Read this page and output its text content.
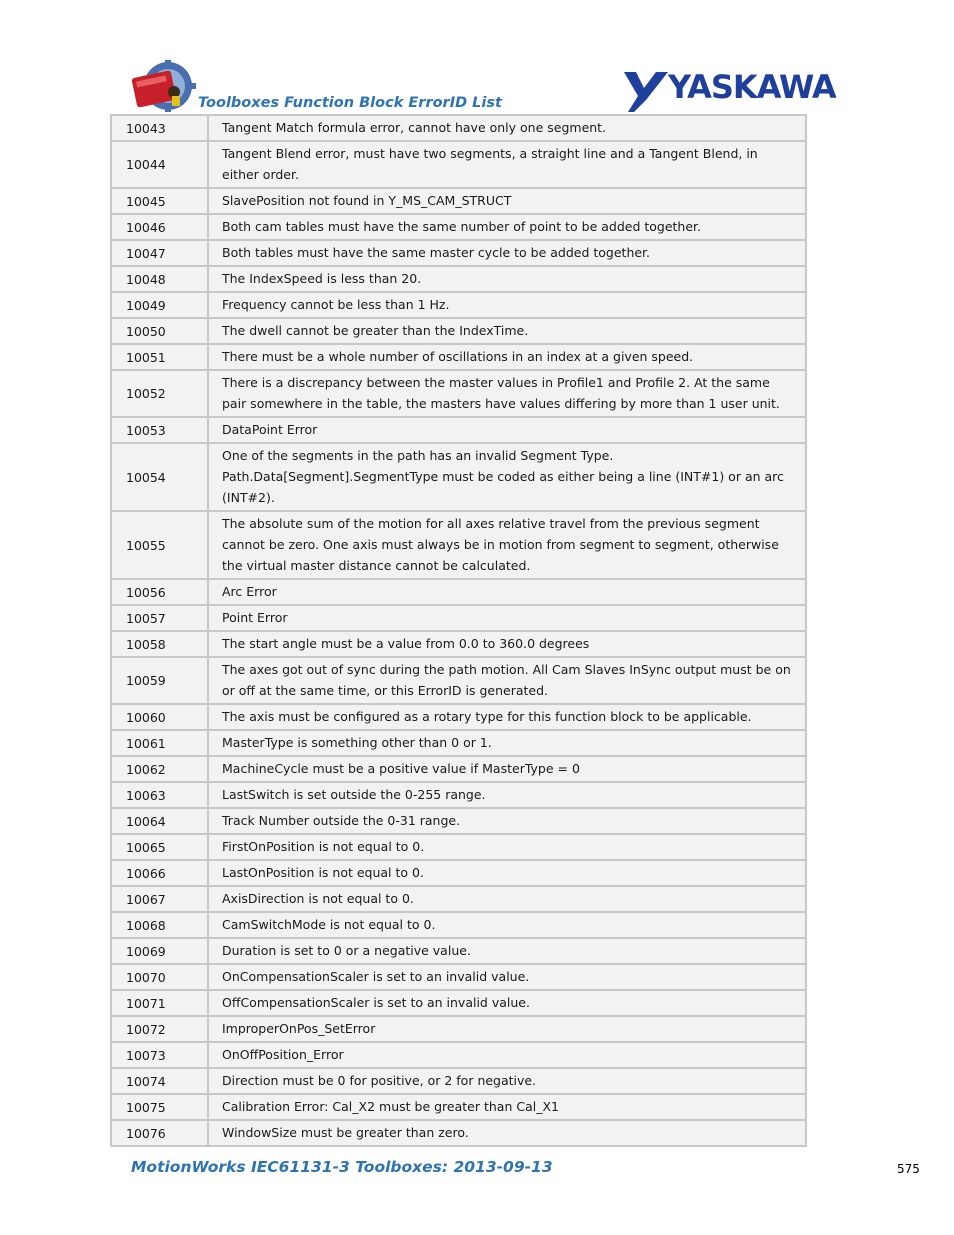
Toolboxes Function Block ErrorID List	YASKAWA
10043	Tangent Match formula error, cannot have only one segment.
10044	Tangent Blend error, must have two segments, a straight line and a Tangent Blend, in either order.
10045	SlavePosition not found in Y_MS_CAM_STRUCT
10046	Both cam tables must have the same number of point to be added together.
10047	Both tables must have the same master cycle to be added together.
10048	The IndexSpeed is less than 20.
10049	Frequency cannot be less than 1 Hz.
10050	The dwell cannot be greater than the IndexTime.
10051	There must be a whole number of oscillations in an index at a given speed.
10052	There is a discrepancy between the master values in Profile1 and Profile 2. At the same pair somewhere in the table, the masters have values differing by more than 1 user unit.
10053	DataPoint Error
10054	One of the segments in the path has an invalid Segment Type. Path.Data[Segment].SegmentType must be coded as either being a line (INT#1) or an arc (INT#2).
10055	The absolute sum of the motion for all axes relative travel from the previous segment cannot be zero. One axis must always be in motion from segment to segment, otherwise the virtual master distance cannot be calculated.
10056	Arc Error
10057	Point Error
10058	The start angle must be a value from 0.0 to 360.0 degrees
10059	The axes got out of sync during the path motion. All Cam Slaves InSync output must be on or off at the same time, or this ErrorID is generated.
10060	The axis must be configured as a rotary type for this function block to be applicable.
10061	MasterType is something other than 0 or 1.
10062	MachineCycle must be a positive value if MasterType = 0
10063	LastSwitch is set outside the 0-255 range.
10064	Track Number outside the 0-31 range.
10065	FirstOnPosition is not equal to 0.
10066	LastOnPosition is not equal to 0.
10067	AxisDirection is not equal to 0.
10068	CamSwitchMode is not equal to 0.
10069	Duration is set to 0 or a negative value.
10070	OnCompensationScaler is set to an invalid value.
10071	OffCompensationScaler is set to an invalid value.
10072	ImproperOnPos_SetError
10073	OnOffPosition_Error
10074	Direction must be 0 for positive, or 2 for negative.
10075	Calibration Error: Cal_X2 must be greater than Cal_X1
10076	WindowSize must be greater than zero.
MotionWorks IEC61131-3 Toolboxes: 2013-09-13	575
